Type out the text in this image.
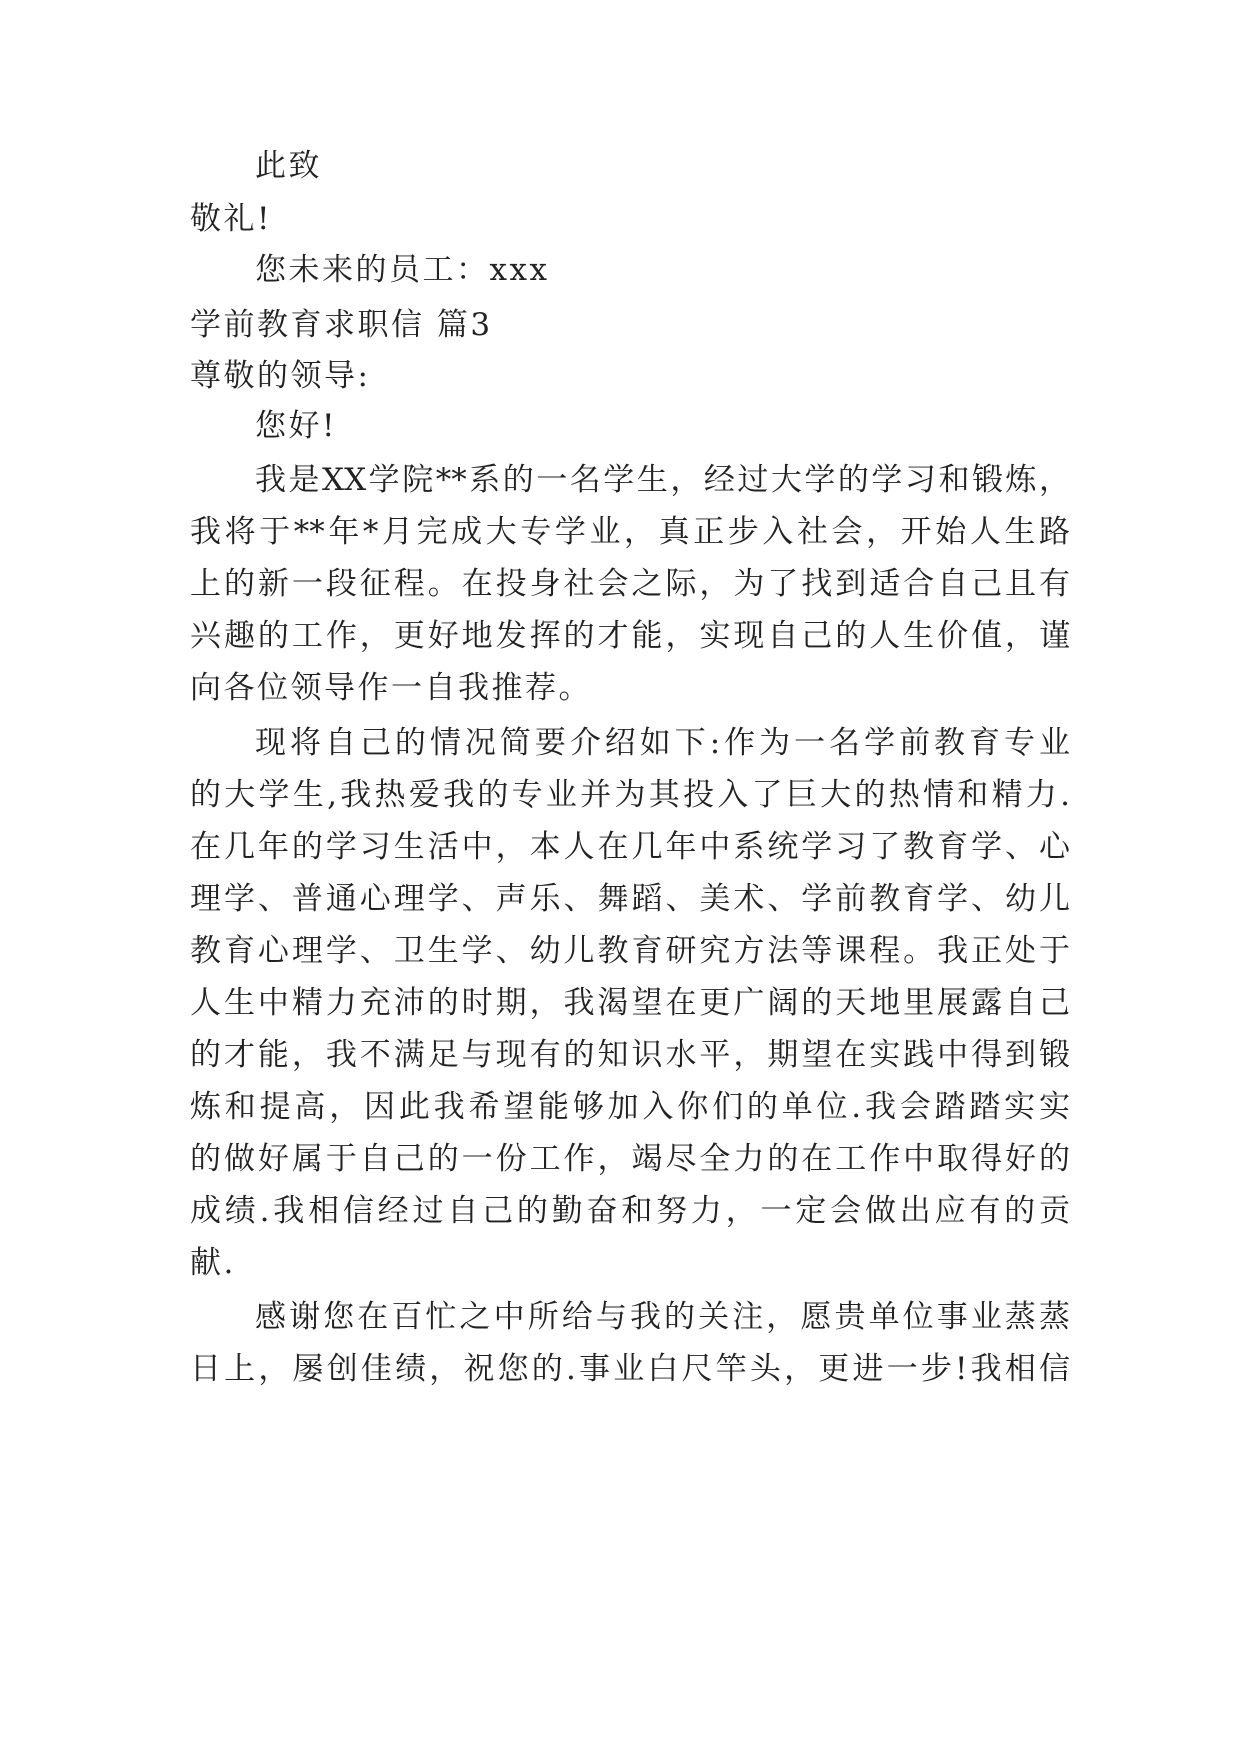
此致
敬礼!
您未来的员工：xxx
学前教育求职信 篇3
尊敬的领导:
您好!
我是XX学院**系的一名学生，经过大学的学习和锻炼，
我将于**年*月完成大专学业，真正步入社会，开始人生路
上的新一段征程。在投身社会之际，为了找到适合自己且有
兴趣的工作，更好地发挥的才能，实现自己的人生价值，谨
向各位领导作一自我推荐。
现将自己的情况简要介绍如下:作为一名学前教育专业
的大学生,我热爱我的专业并为其投入了巨大的热情和精力.
在几年的学习生活中，本人在几年中系统学习了教育学、心
理学、普通心理学、声乐、舞蹈、美术、学前教育学、幼儿
教育心理学、卫生学、幼儿教育研究方法等课程。我正处于
人生中精力充沛的时期，我渴望在更广阔的天地里展露自己
的才能，我不满足与现有的知识水平，期望在实践中得到锻
炼和提高，因此我希望能够加入你们的单位.我会踏踏实实
的做好属于自己的一份工作，竭尽全力的在工作中取得好的
成绩.我相信经过自己的勤奋和努力，一定会做出应有的贡
献.
感谢您在百忙之中所给与我的关注，愿贵单位事业蒸蒸
日上，屡创佳绩，祝您的.事业白尺竿头，更进一步!我相信
